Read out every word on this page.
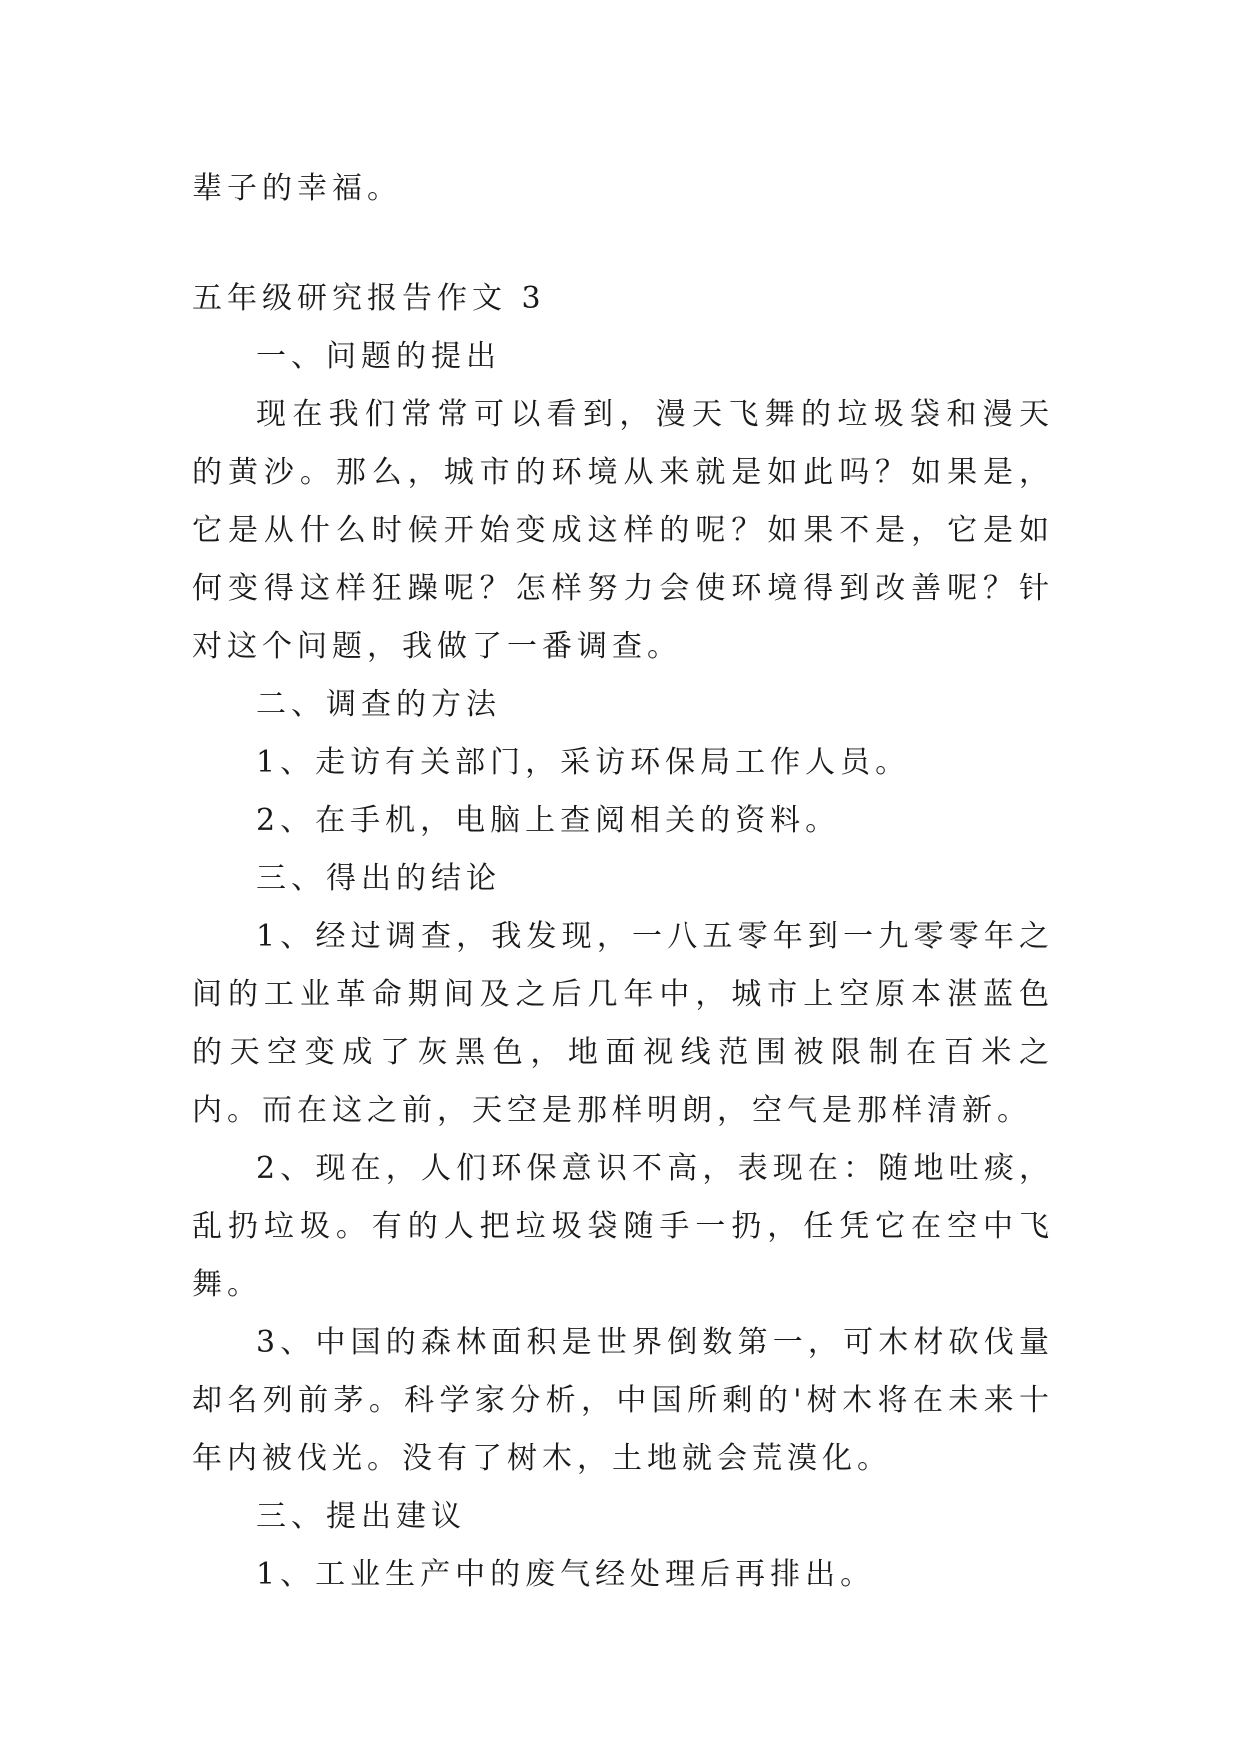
辈子的幸福。

五年级研究报告作文 3

一、问题的提出

现在我们常常可以看到，漫天飞舞的垃圾袋和漫天的黄沙。那么，城市的环境从来就是如此吗？如果是，它是从什么时候开始变成这样的呢？如果不是，它是如何变得这样狂躁呢？怎样努力会使环境得到改善呢？针对这个问题，我做了一番调查。

二、调查的方法

1、走访有关部门，采访环保局工作人员。

2、在手机，电脑上查阅相关的资料。

三、得出的结论

1、经过调查，我发现，一八五零年到一九零零年之间的工业革命期间及之后几年中，城市上空原本湛蓝色的天空变成了灰黑色，地面视线范围被限制在百米之内。而在这之前，天空是那样明朗，空气是那样清新。

2、现在，人们环保意识不高，表现在：随地吐痰，乱扔垃圾。有的人把垃圾袋随手一扔，任凭它在空中飞舞。

3、中国的森林面积是世界倒数第一，可木材砍伐量却名列前茅。科学家分析，中国所剩的'树木将在未来十年内被伐光。没有了树木，土地就会荒漠化。

三、提出建议

1、工业生产中的废气经处理后再排出。
